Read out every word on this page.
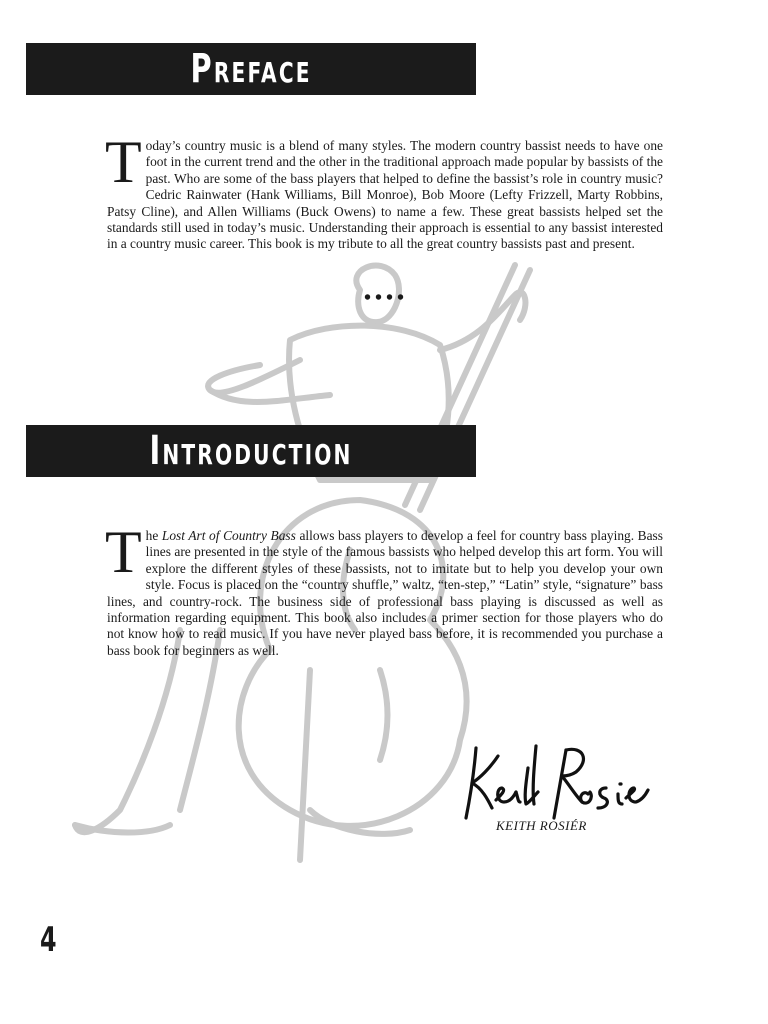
Preface
T oday’s country music is a blend of many styles. The modern country bassist needs to have one foot in the current trend and the other in the traditional approach made popular by bassists of the past. Who are some of the bass players that helped to define the bassist’s role in country music? Cedric Rainwater (Hank Williams, Bill Monroe), Bob Moore (Lefty Frizzell, Marty Robbins, Patsy Cline), and Allen Williams (Buck Owens) to name a few. These great bassists helped set the standards still used in today’s music. Understanding their approach is essential to any bassist interested in a country music career. This book is my tribute to all the great country bassists past and present.

••••
Introduction
T he Lost Art of Country Bass allows bass players to develop a feel for country bass playing. Bass lines are presented in the style of the famous bassists who helped develop this art form. You will explore the different styles of these bassists, not to imitate but to help you develop your own style. Focus is placed on the “country shuffle,” waltz, “ten-step,” “Latin” style, “signature” bass lines, and country-rock. The business side of professional bass playing is discussed as well as information regarding equipment. This book also includes a primer section for those players who do not know how to read music. If you have never played bass before, it is recommended you purchase a bass book for beginners as well.

KEITH ROSIÉR
4
